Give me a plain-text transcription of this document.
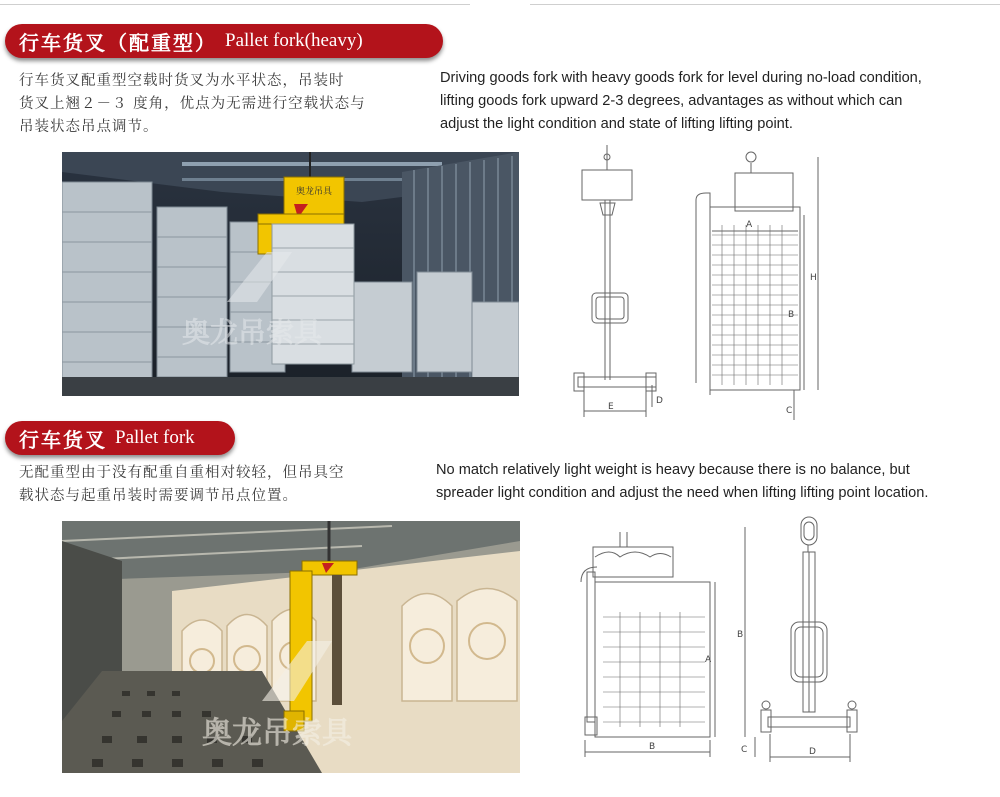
行车货叉（配重型） Pallet fork(heavy)
行车货叉配重型空载时货叉为水平状态，吊装时
货叉上翘２－３ 度角，优点为无需进行空载状态与
吊装状态吊点调节。
Driving goods fork with heavy goods fork for level during no-load condition,
lifting goods fork upward 2-3 degrees, advantages as without which can
adjust the light condition and state of lifting lifting point.
奥龙吊具
奥龙吊索具
E
D
A
B
H
C
行车货叉 Pallet fork
无配重型由于没有配重自重相对较轻，但吊具空
载状态与起重吊装时需要调节吊点位置。
No match relatively light weight is heavy because there is no balance, but
spreader light condition and adjust the need when lifting lifting point location.
奥龙吊索具	B
A
B
D
C
